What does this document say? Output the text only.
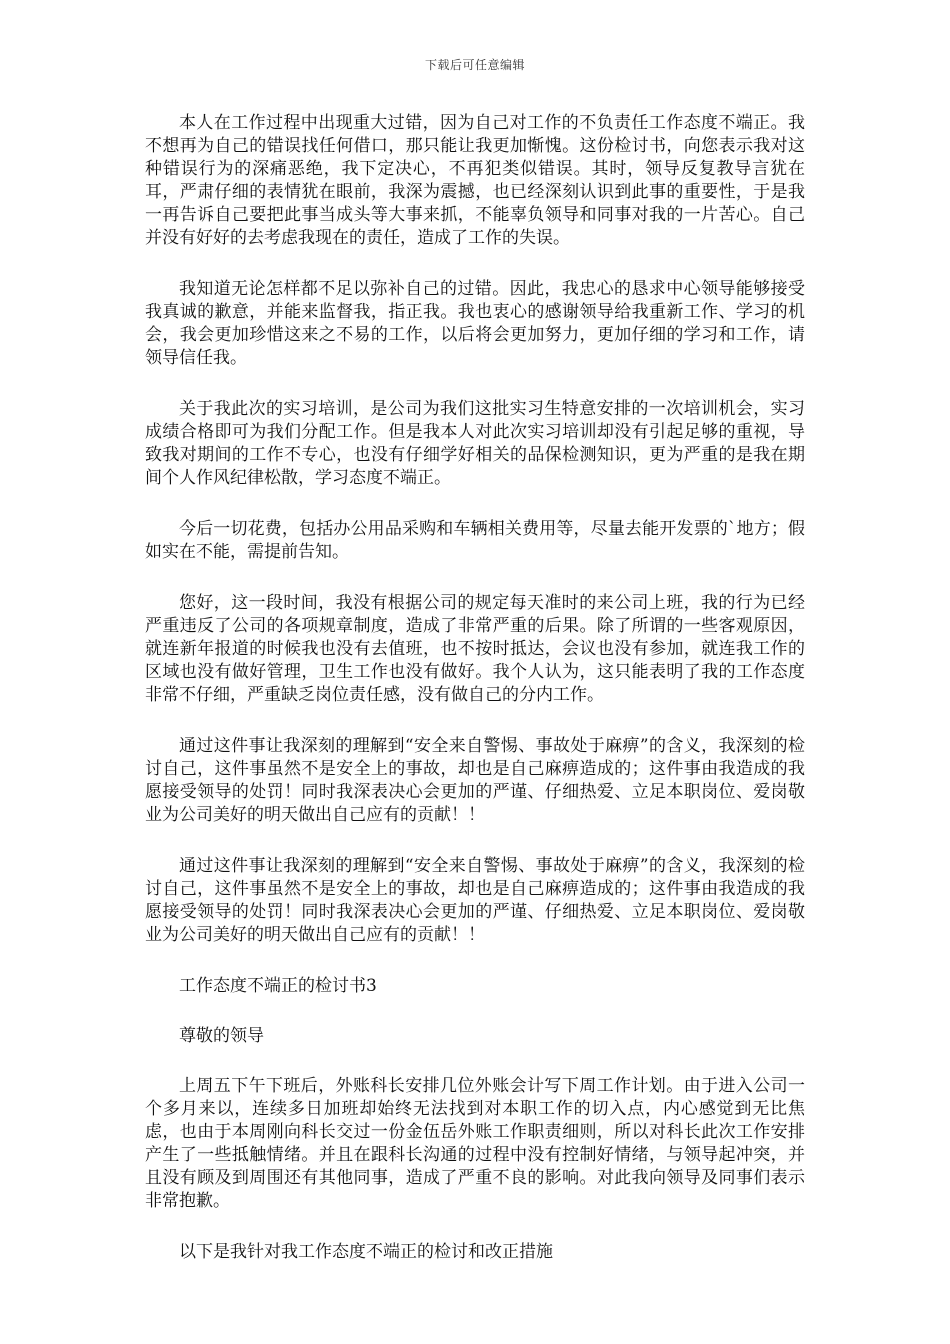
下载后可任意编辑

本人在工作过程中出现重大过错，因为自己对工作的不负责任工作态度不端正。我不想再为自己的错误找任何借口，那只能让我更加惭愧。这份检讨书，向您表示我对这种错误行为的深痛恶绝，我下定决心，不再犯类似错误。其时，领导反复教导言犹在耳，严肃仔细的表情犹在眼前，我深为震撼，也已经深刻认识到此事的重要性，于是我一再告诉自己要把此事当成头等大事来抓，不能辜负领导和同事对我的一片苦心。自己并没有好好的去考虑我现在的责任，造成了工作的失误。

我知道无论怎样都不足以弥补自己的过错。因此，我忠心的恳求中心领导能够接受我真诚的歉意，并能来监督我，指正我。我也衷心的感谢领导给我重新工作、学习的机会，我会更加珍惜这来之不易的工作，以后将会更加努力，更加仔细的学习和工作，请领导信任我。

关于我此次的实习培训，是公司为我们这批实习生特意安排的一次培训机会，实习成绩合格即可为我们分配工作。但是我本人对此次实习培训却没有引起足够的重视，导致我对期间的工作不专心，也没有仔细学好相关的品保检测知识，更为严重的是我在期间个人作风纪律松散，学习态度不端正。

今后一切花费，包括办公用品采购和车辆相关费用等，尽量去能开发票的`地方；假如实在不能，需提前告知。

您好，这一段时间，我没有根据公司的规定每天准时的来公司上班，我的行为已经严重违反了公司的各项规章制度，造成了非常严重的后果。除了所谓的一些客观原因，就连新年报道的时候我也没有去值班，也不按时抵达，会议也没有参加，就连我工作的区域也没有做好管理，卫生工作也没有做好。我个人认为，这只能表明了我的工作态度非常不仔细，严重缺乏岗位责任感，没有做自己的分内工作。

通过这件事让我深刻的理解到“安全来自警惕、事故处于麻痹”的含义，我深刻的检讨自己，这件事虽然不是安全上的事故，却也是自己麻痹造成的；这件事由我造成的我愿接受领导的处罚！同时我深表决心会更加的严谨、仔细热爱、立足本职岗位、爱岗敬业为公司美好的明天做出自己应有的贡献！！

通过这件事让我深刻的理解到“安全来自警惕、事故处于麻痹”的含义，我深刻的检讨自己，这件事虽然不是安全上的事故，却也是自己麻痹造成的；这件事由我造成的我愿接受领导的处罚！同时我深表决心会更加的严谨、仔细热爱、立足本职岗位、爱岗敬业为公司美好的明天做出自己应有的贡献！！

工作态度不端正的检讨书3

尊敬的领导

上周五下午下班后，外账科长安排几位外账会计写下周工作计划。由于进入公司一个多月来以，连续多日加班却始终无法找到对本职工作的切入点，内心感觉到无比焦虑，也由于本周刚向科长交过一份金伍岳外账工作职责细则，所以对科长此次工作安排产生了一些抵触情绪。并且在跟科长沟通的过程中没有控制好情绪，与领导起冲突，并且没有顾及到周围还有其他同事，造成了严重不良的影响。对此我向领导及同事们表示非常抱歉。

以下是我针对我工作态度不端正的检讨和改正措施
